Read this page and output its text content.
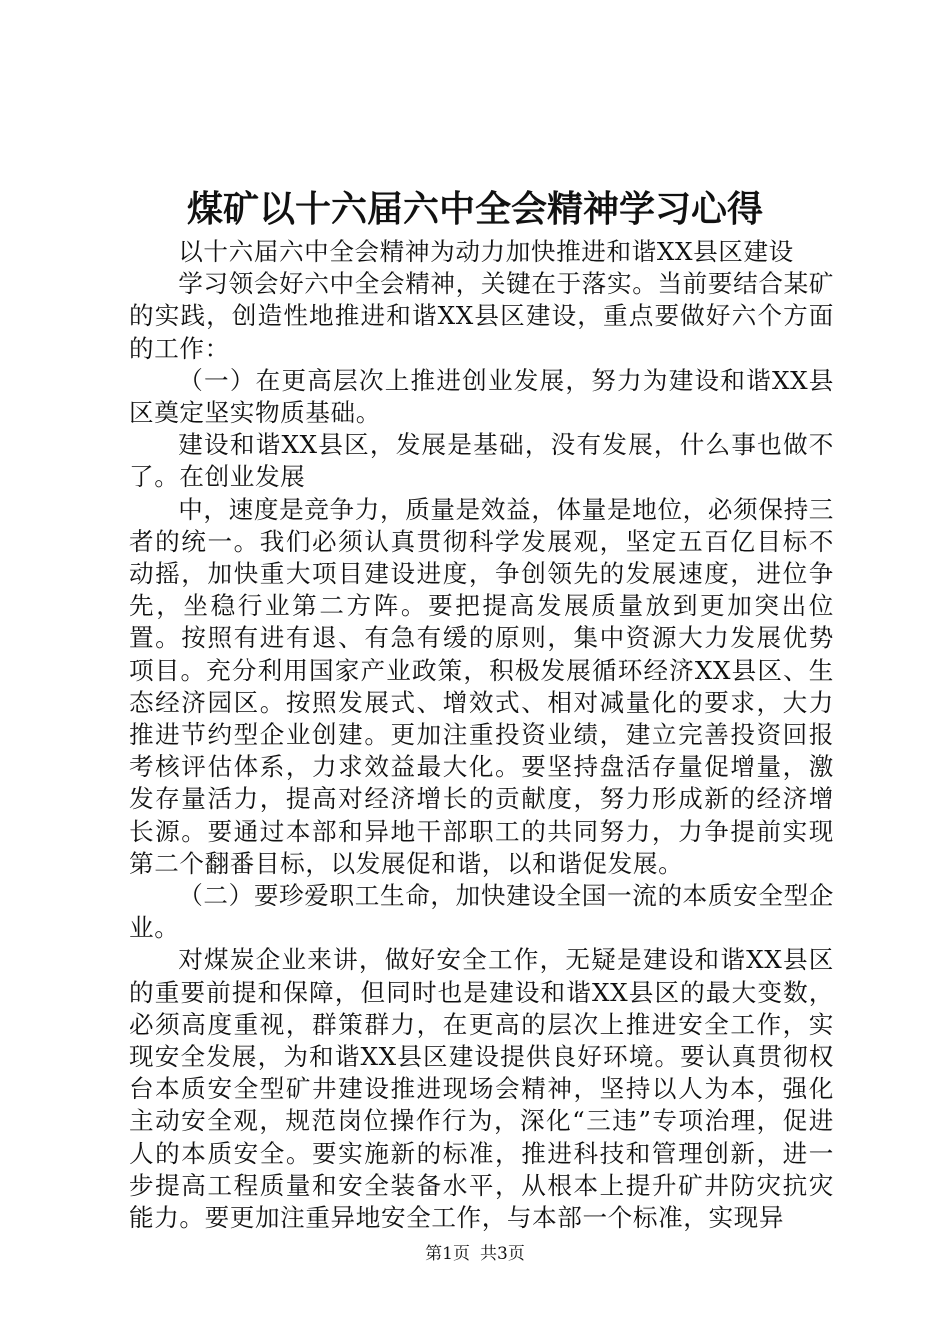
煤矿以十六届六中全会精神学习心得

以十六届六中全会精神为动力加快推进和谐XX县区建设

学习领会好六中全会精神，关键在于落实。当前要结合某矿的实践，创造性地推进和谐XX县区建设，重点要做好六个方面的工作：

（一）在更高层次上推进创业发展，努力为建设和谐XX县区奠定坚实物质基础。

建设和谐XX县区，发展是基础，没有发展，什么事也做不了。在创业发展

中，速度是竞争力，质量是效益，体量是地位，必须保持三者的统一。我们必须认真贯彻科学发展观，坚定五百亿目标不动摇，加快重大项目建设进度，争创领先的发展速度，进位争先，坐稳行业第二方阵。要把提高发展质量放到更加突出位置。按照有进有退、有急有缓的原则，集中资源大力发展优势项目。充分利用国家产业政策，积极发展循环经济XX县区、生态经济园区。按照发展式、增效式、相对减量化的要求，大力推进节约型企业创建。更加注重投资业绩，建立完善投资回报考核评估体系，力求效益最大化。要坚持盘活存量促增量，激发存量活力，提高对经济增长的贡献度，努力形成新的经济增长源。要通过本部和异地干部职工的共同努力，力争提前实现第二个翻番目标，以发展促和谐，以和谐促发展。

（二）要珍爱职工生命，加快建设全国一流的本质安全型企业。

对煤炭企业来讲，做好安全工作，无疑是建设和谐XX县区的重要前提和保障，但同时也是建设和谐XX县区的最大变数，必须高度重视，群策群力，在更高的层次上推进安全工作，实现安全发展，为和谐XX县区建设提供良好环境。要认真贯彻权台本质安全型矿井建设推进现场会精神，坚持以人为本，强化主动安全观，规范岗位操作行为，深化“三违”专项治理，促进人的本质安全。要实施新的标准，推进科技和管理创新，进一步提高工程质量和安全装备水平，从根本上提升矿井防灾抗灾能力。要更加注重异地安全工作，与本部一个标准，实现异

第1页 共3页
